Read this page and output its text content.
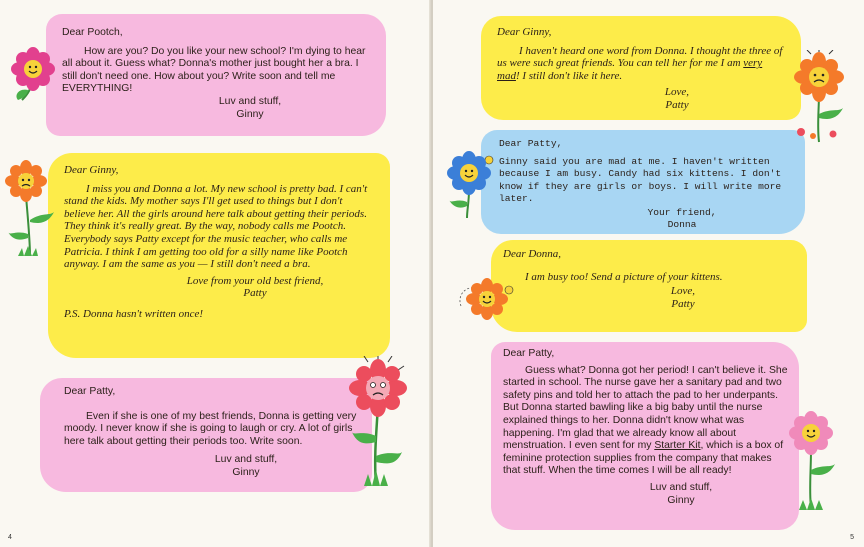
Dear Pootch,

How are you? Do you like your new school? I'm dying to hear all about it. Guess what? Donna's mother just bought her a bra. I still don't need one. How about you? Write soon and tell me EVERYTHING!

Luv and stuff,

Ginny

Dear Ginny,

I miss you and Donna a lot. My new school is pretty bad. I can't stand the kids. My mother says I'll get used to things but I don't believe her. All the girls around here talk about getting their periods. They think it's really great. By the way, nobody calls me Pootch. Everybody says Patty except for the music teacher, who calls me Patricia. I think I am getting too old for a silly name like Pootch anyway. I am the same as you — I still don't need a bra.

Love from your old best friend,

Patty

P.S. Donna hasn't written once!

Dear Patty,

Even if she is one of my best friends, Donna is getting very moody. I never know if she is going to laugh or cry. A lot of girls here talk about getting their periods too. Write soon.

Luv and stuff,

Ginny

4

Dear Ginny,

I haven't heard one word from Donna. I thought the three of us were such great friends. You can tell her for me I am very mad! I still don't like it here.

Love,

Patty

Dear Patty,

Ginny said you are mad at me. I haven't written because I am busy. Candy had six kittens. I don't know if they are girls or boys. I will write more later.

Your friend,

Donna

Dear Donna,

I am busy too! Send a picture of your kittens.

Love,

Patty

Dear Patty,

Guess what? Donna got her period! I can't believe it. She started in school. The nurse gave her a sanitary pad and two safety pins and told her to attach the pad to her underpants. But Donna started bawling like a big baby until the nurse explained things to her. Donna didn't know what was happening. I'm glad that we already know all about menstruation. I even sent for my Starter Kit, which is a box of feminine protection supplies from the company that makes that stuff. When the time comes I will be all ready!

Luv and stuff,

Ginny

5
